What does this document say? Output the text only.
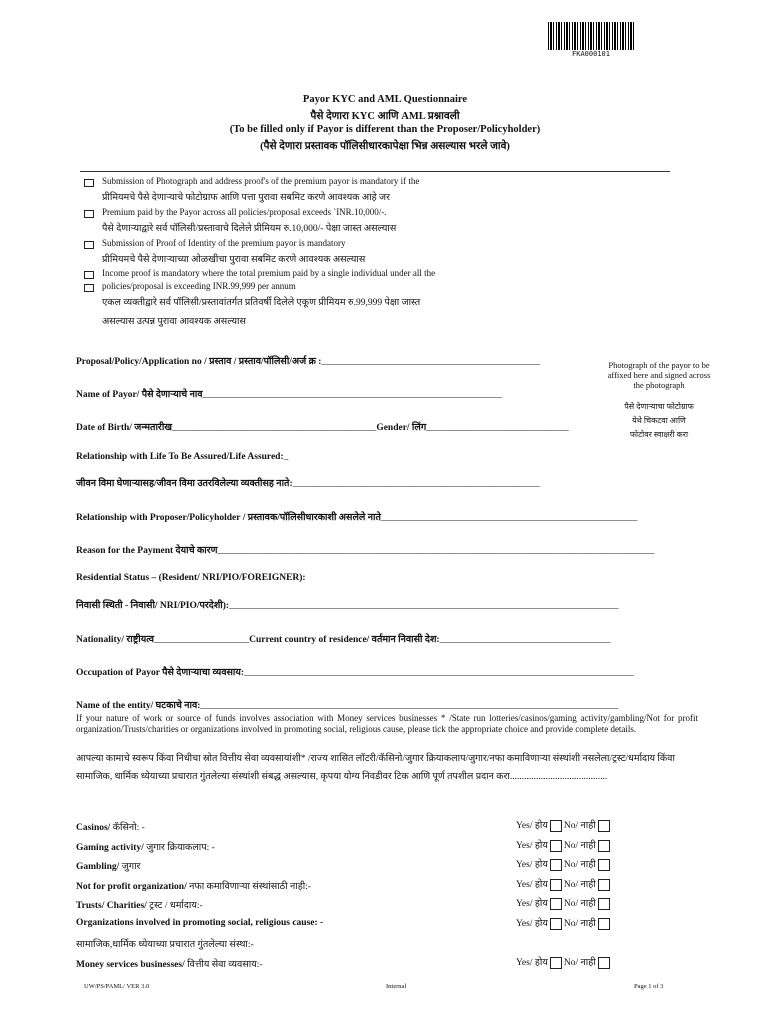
FKA000101
Payor KYC and AML Questionnaire
पैसे देणारा KYC आणि AML प्रश्नावली
(To be filled only if Payor is different than the Proposer/Policyholder)
(पैसे देणारा प्रस्तावक पॉलिसीधारकापेक्षा भिन्न असल्यास भरले जावे)
Submission of Photograph and address proof's of the premium payor is mandatory if the
प्रीमियमचे पैसे देणाऱ्याचे फोटोग्राफ आणि पत्ता पुरावा सबमिट करणे आवश्यक आहे जर
Premium paid by the Payor across all policies/proposal exceeds `INR.10,000/-.
पैसे देणाऱ्याद्वारे सर्व पॉलिसी/प्रस्तावाचे दिलेले प्रीमियम रु.10,000/- पेक्षा जास्त असल्यास
Submission of Proof of Identity of the premium payor is mandatory
प्रीमियमचे पैसे देणाऱ्याच्या ओळखीचा पुरावा सबमिट करणे आवश्यक असल्यास
Income proof is mandatory where the total premium paid by a single individual under all the
policies/proposal is exceeding INR.99,999 per annum
एकल व्यक्तीद्वारे सर्व पॉलिसी/प्रस्तावांतर्गत प्रतिवर्षी दिलेले एकूण प्रीमियम रु.99,999 पेक्षा जास्त
असल्यास उत्पन्न पुरावा आवश्यक असल्यास
Photograph of the payor to be affixed here and signed across the photograph
पैसे देणाऱ्याचा फोटोग्राफ
येथे चिकटवा आणि
फोटोवर स्वाक्षरी करा
Proposal/Policy/Application no / प्रस्ताव / प्रस्ताव/पॉलिसी/अर्ज क्र :______________________________________________
Name of Payor/ पैसे देणाऱ्याचे नाव_______________________________________________________________
Date of Birth/ जन्मतारीख___________________________________________Gender/ लिंग______________________________
Relationship with Life To Be Assured/Life Assured:_
जीवन विमा घेणाऱ्यासह/जीवन विमा उतरविलेल्या व्यक्तीसह नाते:____________________________________________________
Relationship with Proposer/Policyholder / प्रस्तावक/पॉलिसीधारकाशी असलेले नाते______________________________________________________
Reason for the Payment देयाचे कारण____________________________________________________________________________________________
Residential Status – (Resident/ NRI/PIO/FOREIGNER):
निवासी स्थिती - निवासी/ NRI/PIO/परदेशी):__________________________________________________________________________________
Nationality/ राष्ट्रीयत्व____________________Current country of residence/ वर्तमान निवासी देश:____________________________________
Occupation of Payor पैसे देणाऱ्याचा व्यवसाय:__________________________________________________________________________________
Name of the entity/ घटकाचे नाव:________________________________________________________________________________________
If your nature of work or source of funds involves association with Money services businesses * /State run lotteries/casinos/gaming activity/gambling/Not for profit organization/Trusts/charities or organizations involved in promoting social, religious cause, please tick the appropriate choice and provide complete details.
आपल्या कामाचे स्वरूप किंवा निधीचा स्रोत वित्तीय सेवा व्यवसायांशी* /राज्य शासित लॉटरी/कॅसिनो/जुगार क्रियाकलाप/जुगार/नफा कमाविणाऱ्या संस्थांशी नसलेला/ट्रस्ट/धर्मादाय किंवा सामाजिक, धार्मिक ध्येयाच्या प्रचारात गुंतलेल्या संस्थांशी संबद्ध असल्यास, कृपया योग्य निवडीवर टिक आणि पूर्ण तपशील प्रदान करा.........................................
Casinos/ कॅसिनो: -	Yes/ होय No/ नाही
Gaming activity/ जुगार क्रियाकलाप: -	Yes/ होय No/ नाही
Gambling/ जुगार	Yes/ होय No/ नाही
Not for profit organization/ नफा कमाविणाऱ्या संस्थांसाठी नाही:-	Yes/ होय No/ नाही
Trusts/ Charities/ ट्रस्ट / धर्मादाय:-	Yes/ होय No/ नाही
Organizations involved in promoting social, religious cause: -	Yes/ होय No/ नाही
सामाजिक,धार्मिक ध्येयाच्या प्रचारात गुंतलेल्या संस्था:-
Money services businesses/ वित्तीय सेवा व्यवसाय:-	Yes/ होय No/ नाही
UW/PS/PAML/ VER 3.0	Internal	Page 1 of 3
